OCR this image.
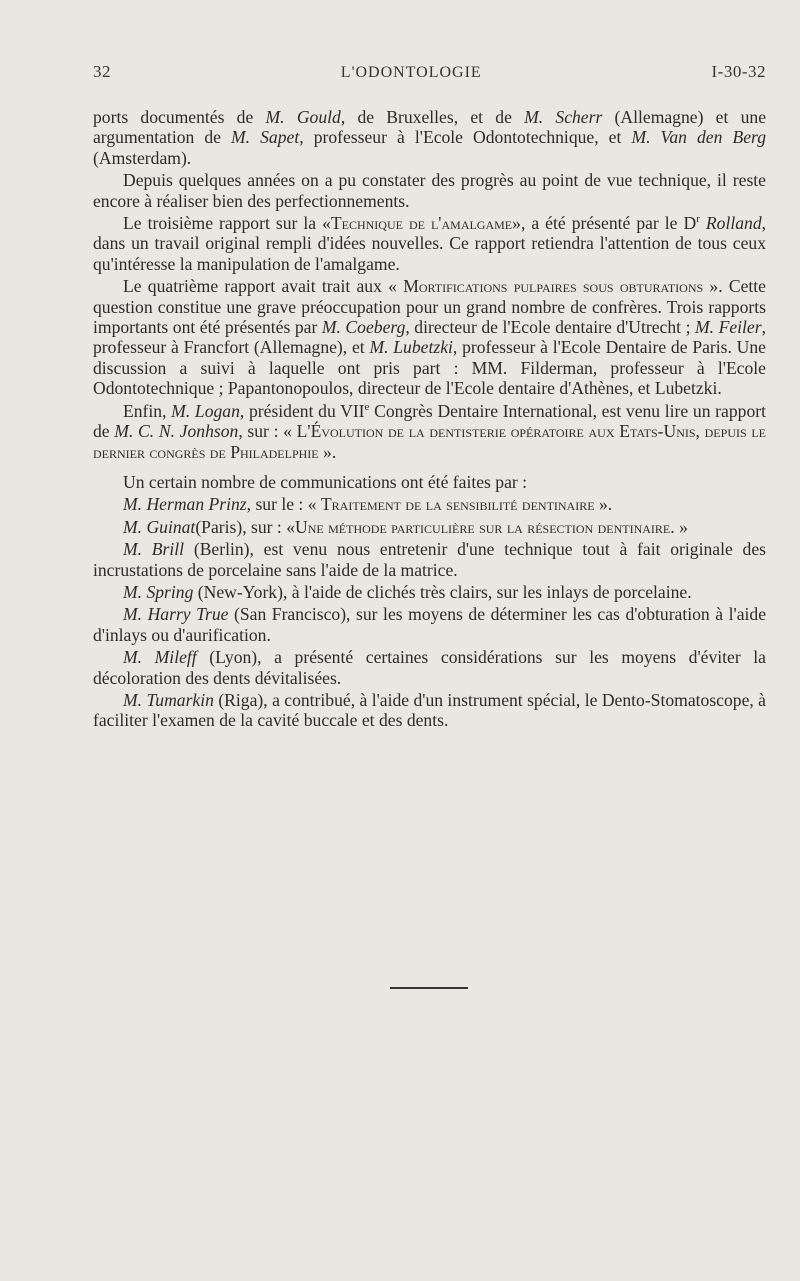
32	L'ODONTOLOGIE	I-30-32

ports documentés de M. Gould, de Bruxelles, et de M. Scherr (Allemagne) et une argumentation de M. Sapet, professeur à l'Ecole Odontotechnique, et M. Van den Berg (Amsterdam).

Depuis quelques années on a pu constater des progrès au point de vue technique, il reste encore à réaliser bien des perfectionnements.

Le troisième rapport sur la «Technique de l'amalgame», a été présenté par le $D^r$ Rolland, dans un travail original rempli d'idées nouvelles. Ce rapport retiendra l'attention de tous ceux qu'intéresse la manipulation de l'amalgame.

Le quatrième rapport avait trait aux « Mortifications pulpaires sous obturations ». Cette question constitue une grave préoccupation pour un grand nombre de confrères. Trois rapports importants ont été présentés par M. Coeberg, directeur de l'Ecole dentaire d'Utrecht ; M. Feiler, professeur à Francfort (Allemagne), et M. Lubetzki, professeur à l'Ecole Dentaire de Paris. Une discussion a suivi à laquelle ont pris part : MM. Filderman, professeur à l'Ecole Odontotechnique ; Papantonopoulos, directeur de l'Ecole dentaire d'Athènes, et Lubetzki.

Enfin, M. Logan, président du VIIe Congrès Dentaire International, est venu lire un rapport de M. C. N. Jonhson, sur : « L'Évolution de la dentisterie opératoire aux Etats-Unis, depuis le dernier congrès de Philadelphie ».

Un certain nombre de communications ont été faites par :

M. Herman Prinz, sur le : « Traitement de la sensibilité dentinaire ».

M. Guinat(Paris), sur : «Une méthode particulière sur la résection dentinaire. »

M. Brill (Berlin), est venu nous entretenir d'une technique tout à fait originale des incrustations de porcelaine sans l'aide de la matrice.

M. Spring (New-York), à l'aide de clichés très clairs, sur les inlays de porcelaine.

M. Harry True (San Francisco), sur les moyens de déterminer les cas d'obturation à l'aide d'inlays ou d'aurification.

M. Mileff (Lyon), a présenté certaines considérations sur les moyens d'éviter la décoloration des dents dévitalisées.

M. Tumarkin (Riga), a contribué, à l'aide d'un instrument spécial, le Dento-Stomatoscope, à faciliter l'examen de la cavité buccale et des dents.
